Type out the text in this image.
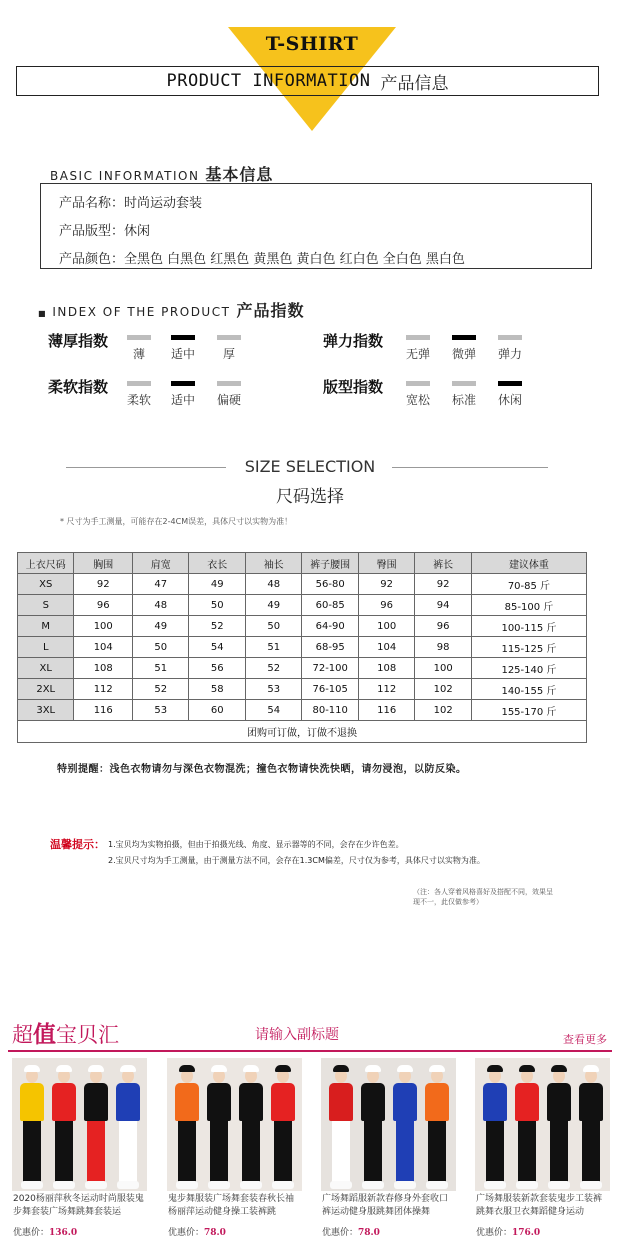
T-SHIRT
PRODUCT INFORMATION 产品信息
BASIC INFORMATION 基本信息
产品名称：时尚运动套装
产品版型：休闲
产品颜色：全黑色 白黑色 红黑色 黄黑色 黄白色 红白色 全白色 黑白色
■ INDEX OF THE PRODUCT 产品指数
薄厚指数
薄	适中	厚
弹力指数
无弹	微弹	弹力
柔软指数
柔软	适中	偏硬
版型指数
宽松	标准	休闲
SIZE SELECTION
尺码选择
* 尺寸为手工测量，可能存在2-4CM误差，具体尺寸以实物为准！
上衣尺码	胸围	肩宽	衣长	袖长	裤子腰围	臀围	裤长	建议体重
XS	92	47	49	48	56-80	92	92	70-85 斤
S	96	48	50	49	60-85	96	94	85-100 斤
M	100	49	52	50	64-90	100	96	100-115 斤
L	104	50	54	51	68-95	104	98	115-125 斤
XL	108	51	56	52	72-100	108	100	125-140 斤
2XL	112	52	58	53	76-105	112	102	140-155 斤
3XL	116	53	60	54	80-110	116	102	155-170 斤
团购可订做，订做不退换								
特别提醒：浅色衣物请勿与深色衣物混洗；撞色衣物请快洗快晒，请勿浸泡，以防反染。
温馨提示： 1.宝贝均为实物拍摄，但由于拍摄光线、角度、显示器等的不同，会存在少许色差。
2.宝贝尺寸均为手工测量，由于测量方法不同，会存在1.3CM偏差，尺寸仅为参考，具体尺寸以实物为准。
（注：各人穿着风格喜好及搭配不同，效果呈现不一，此仅做参考）
超值宝贝汇	请输入副标题	查看更多
2020杨丽萍秋冬运动时尚服装鬼步舞套装广场舞跳舞套装运
优惠价：136.0
鬼步舞服装广场舞套装春秋长袖杨丽萍运动健身操工装裤跳
优惠价：78.0
广场舞蹈服新款春修身外套收口裤运动健身服跳舞团体操舞
优惠价：78.0
广场舞服装新款套装鬼步工装裤跳舞衣服卫衣舞蹈健身运动
优惠价：176.0
